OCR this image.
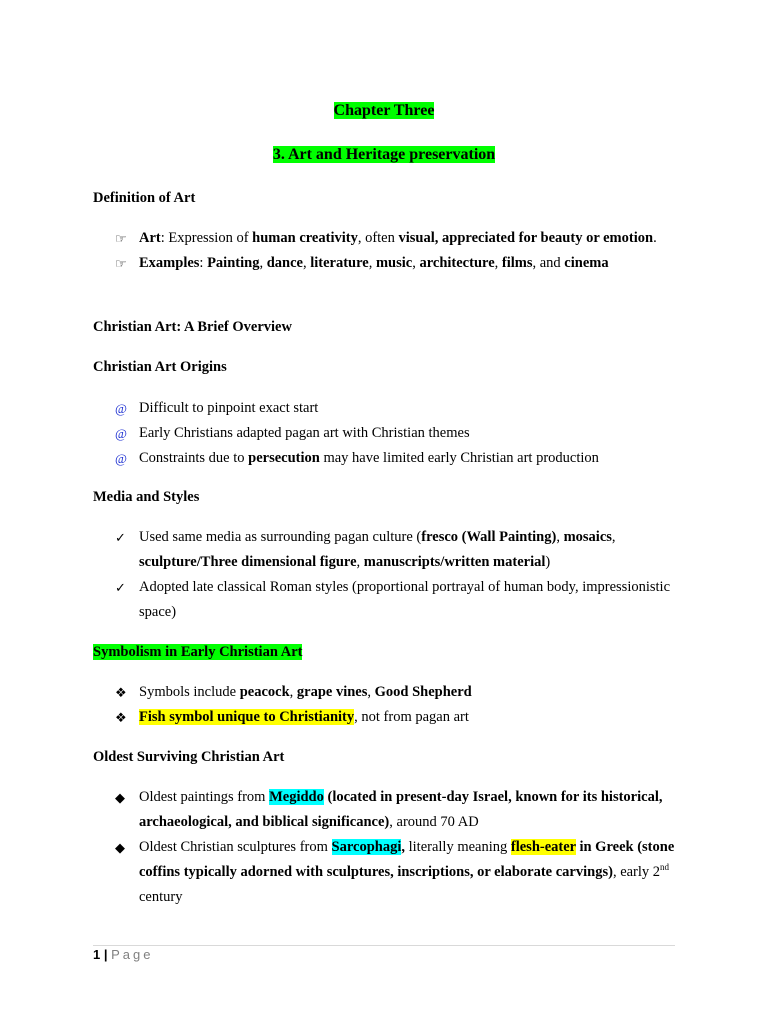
Chapter Three
3. Art and Heritage preservation
Definition of Art
☞ Art: Expression of human creativity, often visual, appreciated for beauty or emotion.
☞ Examples: Painting, dance, literature, music, architecture, films, and cinema
Christian Art: A Brief Overview
Christian Art Origins
@ Difficult to pinpoint exact start
@ Early Christians adapted pagan art with Christian themes
@ Constraints due to persecution may have limited early Christian art production
Media and Styles
✓ Used same media as surrounding pagan culture (fresco (Wall Painting), mosaics, sculpture/Three dimensional figure, manuscripts/written material)
✓ Adopted late classical Roman styles (proportional portrayal of human body, impressionistic space)
Symbolism in Early Christian Art
❖ Symbols include peacock, grape vines, Good Shepherd
❖ Fish symbol unique to Christianity, not from pagan art
Oldest Surviving Christian Art
◆ Oldest paintings from Megiddo (located in present-day Israel, known for its historical, archaeological, and biblical significance), around 70 AD
◆ Oldest Christian sculptures from Sarcophagi, literally meaning flesh-eater in Greek (stone coffins typically adorned with sculptures, inscriptions, or elaborate carvings), early 2nd century
1 | Page
